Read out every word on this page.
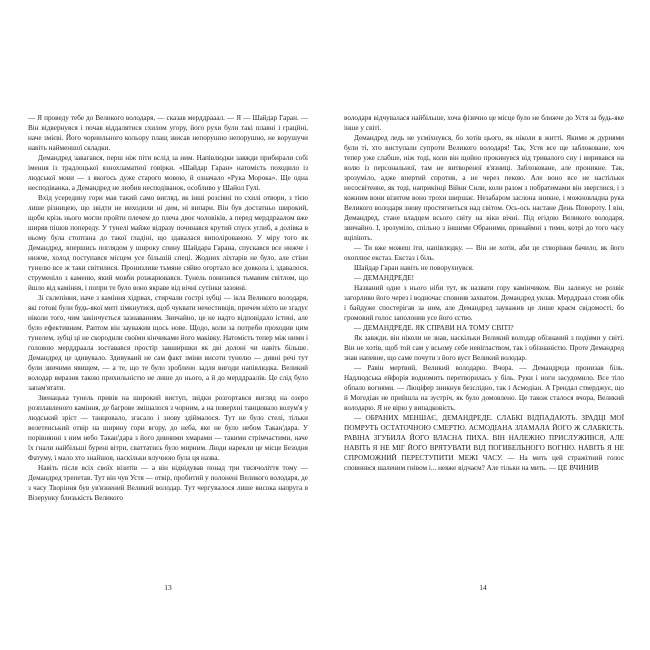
— Я проведу тебе до Великого володаря, — сказав мерддрааал. — Я — Шайдар Гаран. — Він відвернувся і почав віддалятися схилом угору, його рухи були такі плавні і грацйні, наче змієві. Його чорнильного кольору плащ звисав непорушно непорушно, не ворушучи навіть найменшої складки.

Демандред завагався, перш ніж піти вслід за ним. Напівлюдки завжди прибирали собі імення із традлоцької язнохламатної говірки. «Шайдар Гаран» натомість походило із людської мови — з якогось дуже старого мовою, й означало «Рука Морока». Ще одна несподіванка, а Демандред не любив несподіванок, особливо у Шайол Гулі.

Вхід усередину гори мав такий само вигляд, як інші розсіяні по схилі отвори, з тією лише різницею, що звідти не виходили ні дим, ні випари. Він був достатньо широкий, щоби крізь нього могли пройти плечем до плеча двоє чоловіків, а перед мерддраалом вже ширяв пішов попереду. У тунелі майже відразу починався крутий спуск углиб, а долівка в ньому була стоптана до такої гладіні, що здавалася виполірованою. У міру того як Демандред, впершись поглядом у широку спину Шайдара Гарана, спускався все нижче і нижче, холод поступався місцем усе більшій спеці. Жодних ліхтарів не було, але стіни тунелю все ж таки світилися. Пронизливе тьмяне сяйво огортало все довкола і, здавалося, струменіло з каменю, який мовби розжарювався. Тунель понизився тьмавим світлом, що йшло від каміння, і попри те було воно якраве від вічні сутінки зазовні.

Зі склепіння, наче з каміння хідрвах, стирчали гострі зубці — ікла Великого володаря, які готові були будь-якої миті зімкнутися, щоб чуквати нечестивців, причем ніхто не згадує ніколи того, чим закінчується зазнаванням. Звичайно, це не надто відповідало істині, але було ефективним. Раптом він зауважив щось нове. Щодо, коли за потреби проходив цим тунелем, зубці ці не скородили своїми кінчиками його маківку. Натомість тепер між ними і головою мерддраала зоставався простір завширшки як дві долоні чи навіть більше. Демандред це здивувало. Здивуваий не сам факт зміни висоти тунелю — дивні речі тут були звичнми явищем, — а те, що те було зроблено задля вигоди напівлюдка. Великий володар виразив такою прихильністю не лише до нього, а й до мерддраалів. Це слід було запам'ятати.

Звенацька тунель привів на широкий виступ, звідки розгортався вигляд на озеро розплавленого каміння, де багрове змішалося з чорним, а на поверхні танцювало волум'я у людський зріст — танцювало, згасало і знову здіймалося. Тут не було стелі, тільки велетенський отвір на ширину гори вгору, до неба, яке не було небом Такан'дара. У порівнянні з ним небо Такан'дара з його дивними хмарами — такими стрімчастими, наче їх гнали найбільші бурені вітри, сваттатись було мирним. Люди нарекли це місце Безодня Фатуму, і мало хто знайшов, наскільки влучною була ця назва.

Навіть після всіх своїх візитів — а він відвідував понад три тисячоліття тому — Демандред трепетав. Тут він чув Устя — отвір, пробитий у полонені Великого володаря, де з часу Творіння був ув'язнений Великий володар. Тут чергувалося лише висока напруга в Візерунку близькість Великого

13

володаря відчувалася найбільше, хоча фізично це місце було не ближче до Устя за будь-яке інше у світі.

Демандред ледь не усміхнувся, бо хотів цього, як ніколи в житті. Якими ж дурнями були ті, хто виступали супроти Великого володаря! Так, Устя все ще заблоковане, хоч тепер уже слабше, ніж тоді, коли він щойно прокинувся від тривалого сну і виривався на волю із персональної, там не витвореної в'язниці. Заблоковане, але проникне. Так, зрозуміло, адже впертий спротив, а не через пекою. Але воно все не настільки несосвітенне, як тоді, наприкінці Війни Сили, коли разом з побратимами він зверглися, і з кожним вони візитом воно трохи ширшає. Незабаром заслона зникне, і можновладна рука Великого володаря знову простягнеться над світом. Ось-ось настане День Повороту. І він, Демандред, стане владцем всього світу на віки вічні. Під егідою Великого володаря, звичайно. І, зрозуміло, спільно з іншими Обраними, принаймні з тими, котрі до того часу вціліють.

— Ти вже можеш іти, напівлюдку. — Він не хотів, аби це створіння бачило, як його охоплює екстаз. Екстаз і біль.

Шайдар Гаран навіть не поворухнувся.

— ДЕМАНДРЕДЕ!

Названий одне з нього ніби тут, як назвати гору камінчиком. Він залежує не розвіє загорливо його через і водночас сповнив захватом. Демандред уклав. Мерддраал стояв обік і байдуже спостерігав за ним, але Демандред зауважив це лише краєм свідомості, бо громовий голос заполонив усе його єство.

— ДЕМАНДРЕДЕ. ЯК СПРАВИ НА ТОМУ СВІТІ?

Як завжди, він ніколи не знав, наскільки Великий володар обізнаний з подіями у світі. Він не хотів, щоб той сам у всьому себе невіглаством, так і обізнаністю. Проте Демандред знав напевне, що саме почути з його вуст Великий володар.

— Равін мертвий, Великий володарю. Вчора. — Демандреда пронизав біль. Надлюдська ейфорія водномить перетворилась у біль. Руки і ноги засудомило. Все тіло обпало вогнями. — Люціфер зникнув безслідно, так і Асмодіан. А Грендал стверджує, що й Могедіан не прийшла на зустріч, як було домовлено. Це також сталося вчора, Великий володарю. Я не вірю у випадковість.

— ОБРАНИХ МЕНШАЄ, ДЕМАНДРЕДЕ. СЛАБКІ ВІДПАДАЮТЬ. ЗРАДЦІ МОЇ ПОМРУТЬ ОСТАТОЧНОЮ СМЕРТЮ. АСМОДІАНА ЗЛАМАЛА ЙОГО Ж СЛАБКІСТЬ. РАВІНА ЗГУБИЛА ЙОГО ВЛАСНА ПИХА. ВІН НАЛЕЖНО ПРИСЛУЖИВСЯ, АЛЕ НАВІТЬ Я НЕ МІГ ЙОГО ВРЯТУВАТИ ВІД ПОГИБЕЛЬНОГО ВОГНЮ. НАВІТЬ Я НЕ СПРОМОЖНИЙ ПЕРЕСТУПИТИ МЕЖІ ЧАСУ. — На мить цей стражітний голос сповнився шаленим гнівом і... невже відчаєм? Але тільки на мить. — ЦЕ ВЧИНИВ

14
